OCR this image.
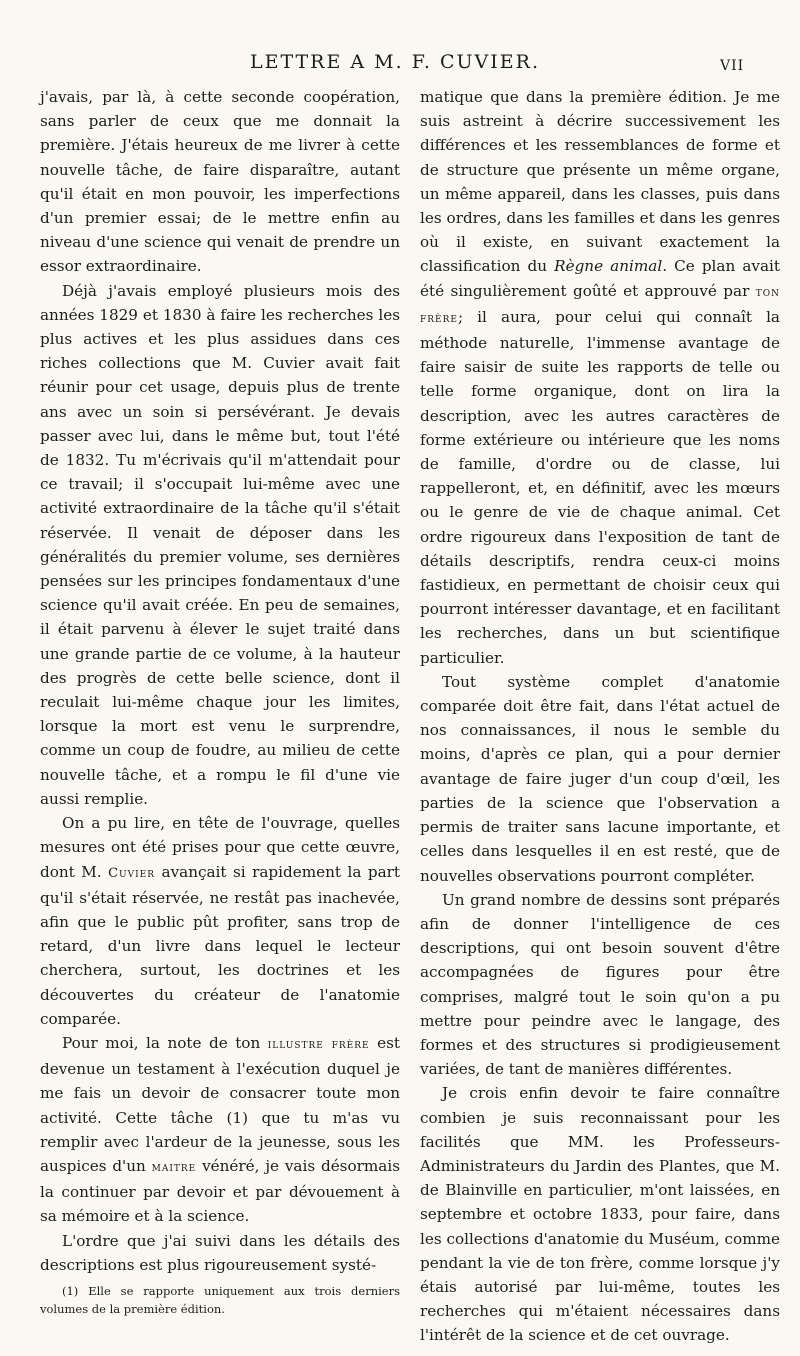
LETTRE A M. F. CUVIER.	VII

j'avais, par là, à cette seconde coopération, sans parler de ceux que me donnait la première. J'étais heureux de me livrer à cette nouvelle tâche, de faire disparaître, autant qu'il était en mon pouvoir, les imperfections d'un premier essai; de le mettre enfin au niveau d'une science qui venait de prendre un essor extraordinaire.

Déjà j'avais employé plusieurs mois des années 1829 et 1830 à faire les recherches les plus actives et les plus assidues dans ces riches collections que M. Cuvier avait fait réunir pour cet usage, depuis plus de trente ans avec un soin si persévérant. Je devais passer avec lui, dans le même but, tout l'été de 1832. Tu m'écrivais qu'il m'attendait pour ce travail; il s'occupait lui-même avec une activité extraordinaire de la tâche qu'il s'était réservée. Il venait de déposer dans les généralités du premier volume, ses dernières pensées sur les principes fondamentaux d'une science qu'il avait créée. En peu de semaines, il était parvenu à élever le sujet traité dans une grande partie de ce volume, à la hauteur des progrès de cette belle science, dont il reculait lui-même chaque jour les limites, lorsque la mort est venu le surprendre, comme un coup de foudre, au milieu de cette nouvelle tâche, et a rompu le fil d'une vie aussi remplie.

On a pu lire, en tête de l'ouvrage, quelles mesures ont été prises pour que cette œuvre, dont M. Cuvier avançait si rapidement la part qu'il s'était réservée, ne restât pas inachevée, afin que le public pût profiter, sans trop de retard, d'un livre dans lequel le lecteur cherchera, surtout, les doctrines et les découvertes du créateur de l'anatomie comparée.

Pour moi, la note de ton illustre frère est devenue un testament à l'exécution duquel je me fais un devoir de consacrer toute mon activité. Cette tâche (1) que tu m'as vu remplir avec l'ardeur de la jeunesse, sous les auspices d'un maitre vénéré, je vais désormais la continuer par devoir et par dévouement à sa mémoire et à la science.

L'ordre que j'ai suivi dans les détails des descriptions est plus rigoureusement systé-

matique que dans la première édition. Je me suis astreint à décrire successivement les différences et les ressemblances de forme et de structure que présente un même organe, un même appareil, dans les classes, puis dans les ordres, dans les familles et dans les genres où il existe, en suivant exactement la classification du Règne animal. Ce plan avait été singulièrement goûté et approuvé par ton frère; il aura, pour celui qui connaît la méthode naturelle, l'immense avantage de faire saisir de suite les rapports de telle ou telle forme organique, dont on lira la description, avec les autres caractères de forme extérieure ou intérieure que les noms de famille, d'ordre ou de classe, lui rappelleront, et, en définitif, avec les mœurs ou le genre de vie de chaque animal. Cet ordre rigoureux dans l'exposition de tant de détails descriptifs, rendra ceux-ci moins fastidieux, en permettant de choisir ceux qui pourront intéresser davantage, et en facilitant les recherches, dans un but scientifique particulier.

Tout système complet d'anatomie comparée doit être fait, dans l'état actuel de nos connaissances, il nous le semble du moins, d'après ce plan, qui a pour dernier avantage de faire juger d'un coup d'œil, les parties de la science que l'observation a permis de traiter sans lacune importante, et celles dans lesquelles il en est resté, que de nouvelles observations pourront compléter.

Un grand nombre de dessins sont préparés afin de donner l'intelligence de ces descriptions, qui ont besoin souvent d'être accompagnées de figures pour être comprises, malgré tout le soin qu'on a pu mettre pour peindre avec le langage, des formes et des structures si prodigieusement variées, de tant de manières différentes.

Je crois enfin devoir te faire connaître combien je suis reconnaissant pour les facilités que MM. les Professeurs-Administrateurs du Jardin des Plantes, que M. de Blainville en particulier, m'ont laissées, en septembre et octobre 1833, pour faire, dans les collections d'anatomie du Muséum, comme pendant la vie de ton frère, comme lorsque j'y étais autorisé par lui-même, toutes les recherches qui m'étaient nécessaires dans l'intérêt de la science et de cet ouvrage.

(1) Elle se rapporte uniquement aux trois derniers volumes de la première édition.
